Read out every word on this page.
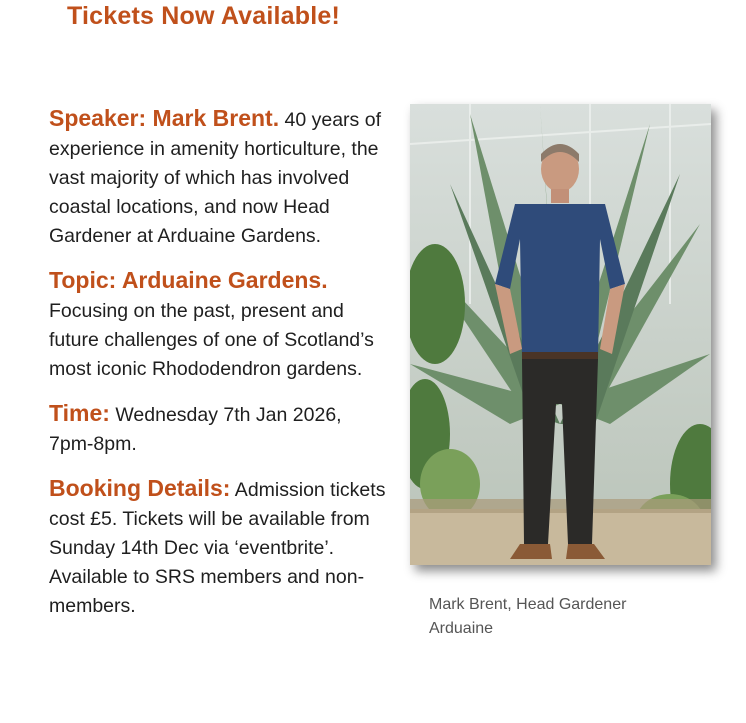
Tickets Now Available!

Speaker: Mark Brent. 40 years of experience in amenity horticulture, the vast majority of which has involved coastal locations, and now Head Gardener at Arduaine Gardens.

Topic: Arduaine Gardens. Focusing on the past, present and future challenges of one of Scotland’s most iconic Rhododendron gardens.

Time: Wednesday 7th Jan 2026, 7pm-8pm.

Booking Details: Admission tickets cost £5. Tickets will be available from Sunday 14th Dec via ‘eventbrite’. Available to SRS members and non-members.	Mark Brent, Head Gardener Arduaine
